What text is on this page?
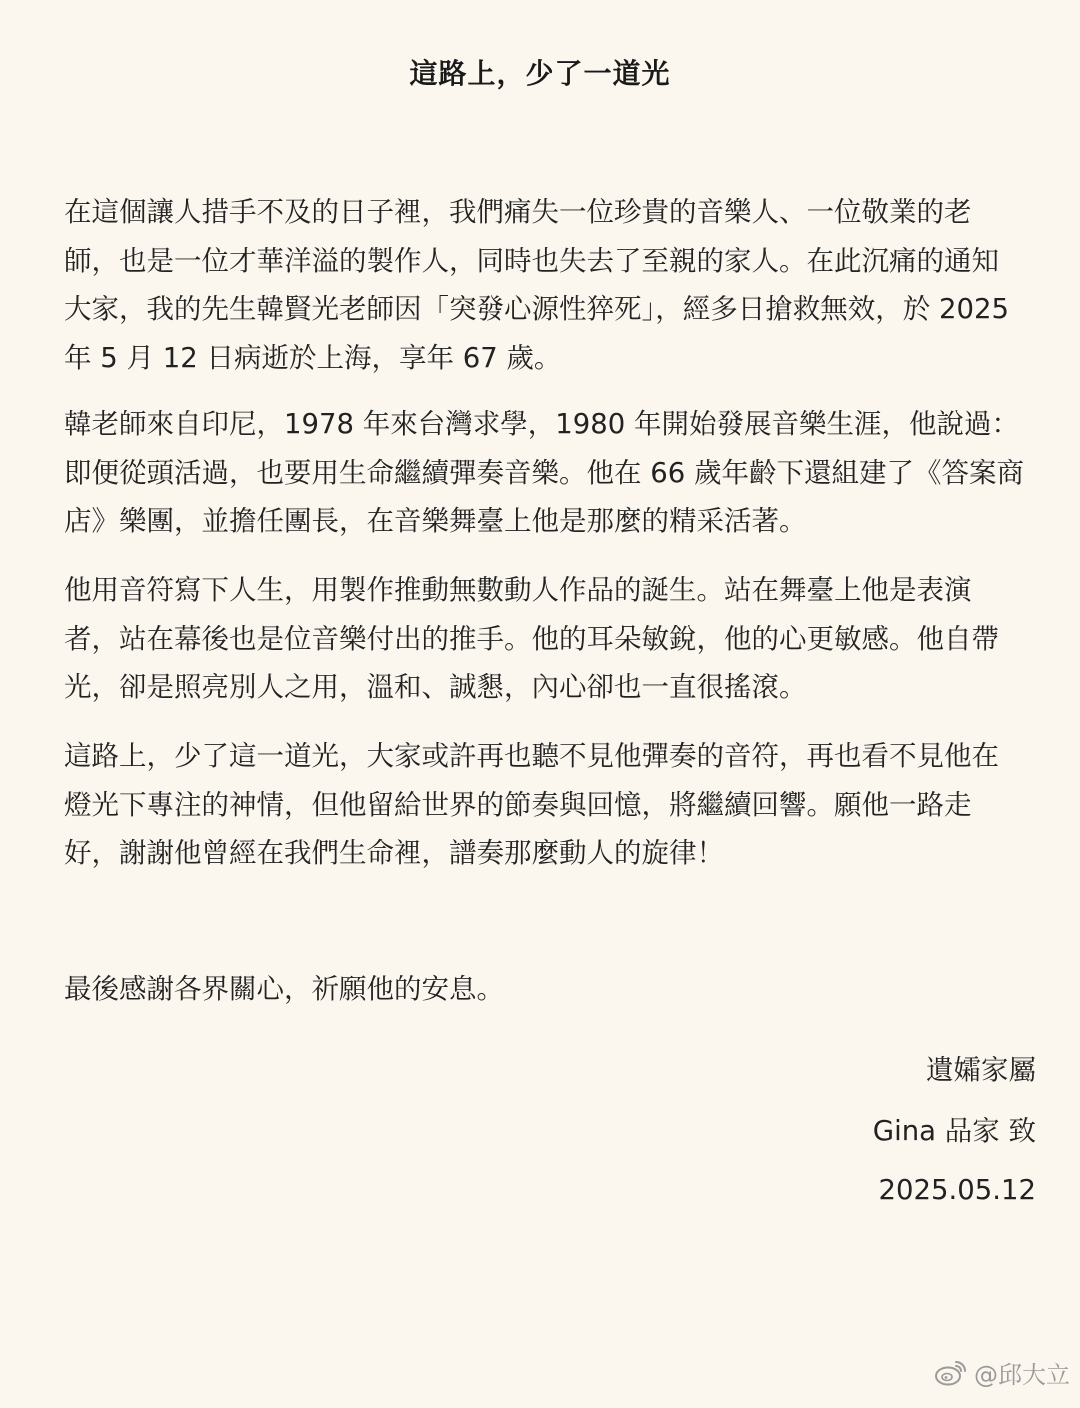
這路上，少了一道光

在這個讓人措手不及的日子裡，我們痛失一位珍貴的音樂人、一位敬業的老師，也是一位才華洋溢的製作人，同時也失去了至親的家人。在此沉痛的通知大家，我的先生韓賢光老師因「突發心源性猝死」，經多日搶救無效，於 2025 年 5 月 12 日病逝於上海，享年 67 歲。

韓老師來自印尼，1978 年來台灣求學，1980 年開始發展音樂生涯，他說過：即便從頭活過，也要用生命繼續彈奏音樂。他在 66 歲年齡下還組建了《答案商店》樂團，並擔任團長，在音樂舞臺上他是那麼的精采活著。

他用音符寫下人生，用製作推動無數動人作品的誕生。站在舞臺上他是表演者，站在幕後也是位音樂付出的推手。他的耳朵敏銳，他的心更敏感。他自帶光，卻是照亮別人之用，溫和、誠懇，內心卻也一直很搖滾。

這路上，少了這一道光，大家或許再也聽不見他彈奏的音符，再也看不見他在燈光下專注的神情，但他留給世界的節奏與回憶，將繼續回響。願他一路走好，謝謝他曾經在我們生命裡，譜奏那麼動人的旋律！

最後感謝各界關心，祈願他的安息。

遺孀家屬
Gina 品家 致
2025.05.12
@邱大立
